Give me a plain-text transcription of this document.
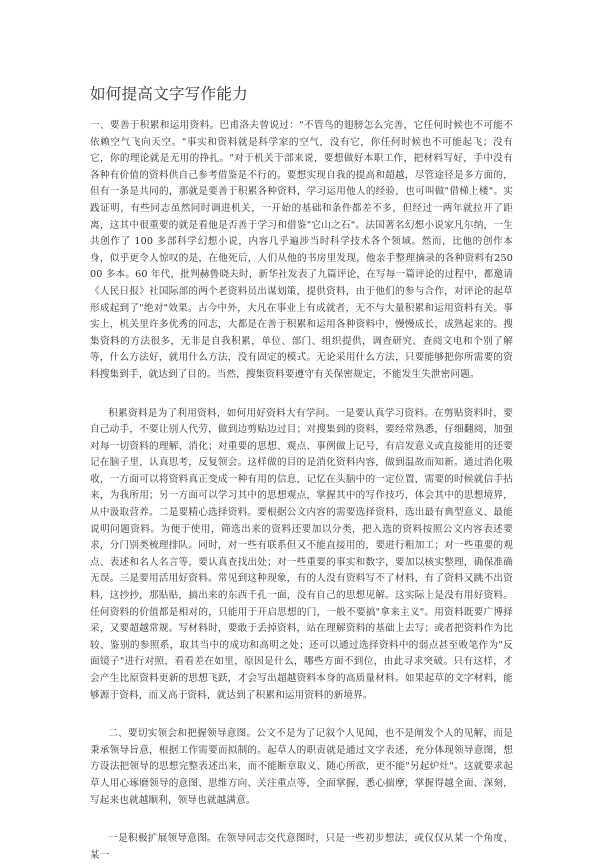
如何提高文字写作能力

一、要善于积累和运用资料。巴甫洛夫曾说过："不管鸟的翅膀怎么完善，它任何时候也不可能不依赖空气飞向天空。"事实和资料就是科学家的空气，没有它，你任何时候也不可能起飞；没有它，你的理论就是无用的挣扎。"对于机关干部来说，要想做好本职工作，把材料写好，手中没有各种有价值的资料供自己参考借鉴是不行的。要想实现自我的提高和超越，尽管途径是多方面的，但有一条是共同的，那就是要善于积累各种资料，学习运用他人的经验，也可叫做"借梯上楼"。实践证明，有些同志虽然同时调进机关，一开始的基础和条件都差不多，但经过一两年就拉开了距离，这其中很重要的就是看他是否善于学习和借鉴"它山之石"。法国著名幻想小说家凡尔纳，一生共创作了 100 多部科学幻想小说，内容几乎遍涉当时科学技术各个领域。然而，比他的创作本身，似乎更令人惊叹的是，在他死后，人们从他的书房里发现，他亲手整理摘录的各种资料有25000 多本。60 年代，批判赫鲁晓夫时，新华社发表了九篇评论，在写每一篇评论的过程中，都邀请《人民日报》社国际部的两个老资料员出谋划策，提供资料，由于他们的参与合作，对评论的起草形成起到了"绝对"效果。古今中外，大凡在事业上有成就者，无不与大量积累和运用资料有关。事实上，机关里许多优秀的同志，大都是在善于积累和运用各种资料中，慢慢成长，成熟起来的。搜集资料的方法很多，无非是自我积累，单位、部门、组织提供，调查研究、查阅文电和个别了解等，什么方法好，就用什么方法，没有固定的模式。无论采用什么方法，只要能够把你所需要的资料搜集到手，就达到了目的。当然，搜集资料要遵守有关保密规定，不能发生失泄密问题。

积累资料是为了利用资料，如何用好资料大有学问。一是要认真学习资料。在剪贴资料时，要自己动手，不要让别人代劳，做到边剪贴边过目；对搜集到的资料，要经常熟悉，仔细翻阅，加强对每一切资料的理解、消化；对重要的思想、观点、事例做上记号，有启发意义或直接能用的还要记在脑子里，认真思考，反复领会。这样做的目的是消化资料内容，做到温故而知新。通过消化吸收，一方面可以将资料真正变成一种有用的信息，记忆在头脑中的一定位置，需要的时候就信手拈来，为我所用；另一方面可以学习其中的思想观点，掌握其中的写作技巧，体会其中的思想境界，从中汲取营养。二是要精心选择资料。要根据公文内容的需要选择资料，选出最有典型意义、最能说明问题资料。为便于使用，筛选出来的资料还要加以分类，把入选的资料按照公文内容表述要求，分门别类梳理排队。同时，对一些有联系但又不能直接用的，要进行粗加工；对一些重要的观点、表述和名人名言等，要认真查找出处；对一些重要的事实和数字，要加以核实整理，确保准确无误。三是要用活用好资料。常见到这种现象，有的人没有资料写不了材料，有了资料又跳不出资料，这抄抄，那贴贴，搞出来的东西千孔一面，没有自己的思想见解。这实际上是没有用好资料。任何资料的价值都是相对的，只能用于开启思想的门，一般不要搞"拿来主义"。用资料既要广博择采，又要超越常规。写材料时，要敢于丢掉资料，站在理解资料的基础上去写；或者把资料作为比较、鉴别的参照系，取其当中的成功和高明之处；还可以通过选择资料中的弱点甚至败笔作为"反面镜子"进行对照，看看差在如里，原因是什么，哪些方面不到位，由此寻求突破。只有这样，才会产生比原资料更新的思想飞跃，才会写出超越资料本身的高质量材料。如果起草的文字材料，能够源于资料，而又高于资料，就达到了积累和运用资料的新境界。

二、要切实领会和把握领导意图。公文不是为了记叙个人见闻，也不是阐发个人的见解，而是秉承领导旨意，根据工作需要而拟制的。起草人的职责就是通过文字表述，充分体现领导意图，想方设法把领导的思想完整表述出来，而不能断章取义、随心所欲，更不能"另起炉灶"。这就要求起草人用心琢磨领导的意图、思维方向、关注重点等，全面掌握，悉心揣摩，掌握得越全面、深刻，写起来也就越顺利，领导也就越满意。

一是积极扩展领导意图。在领导同志交代意图时，只是一些初步想法，或仅仅从某一个角度、某一
